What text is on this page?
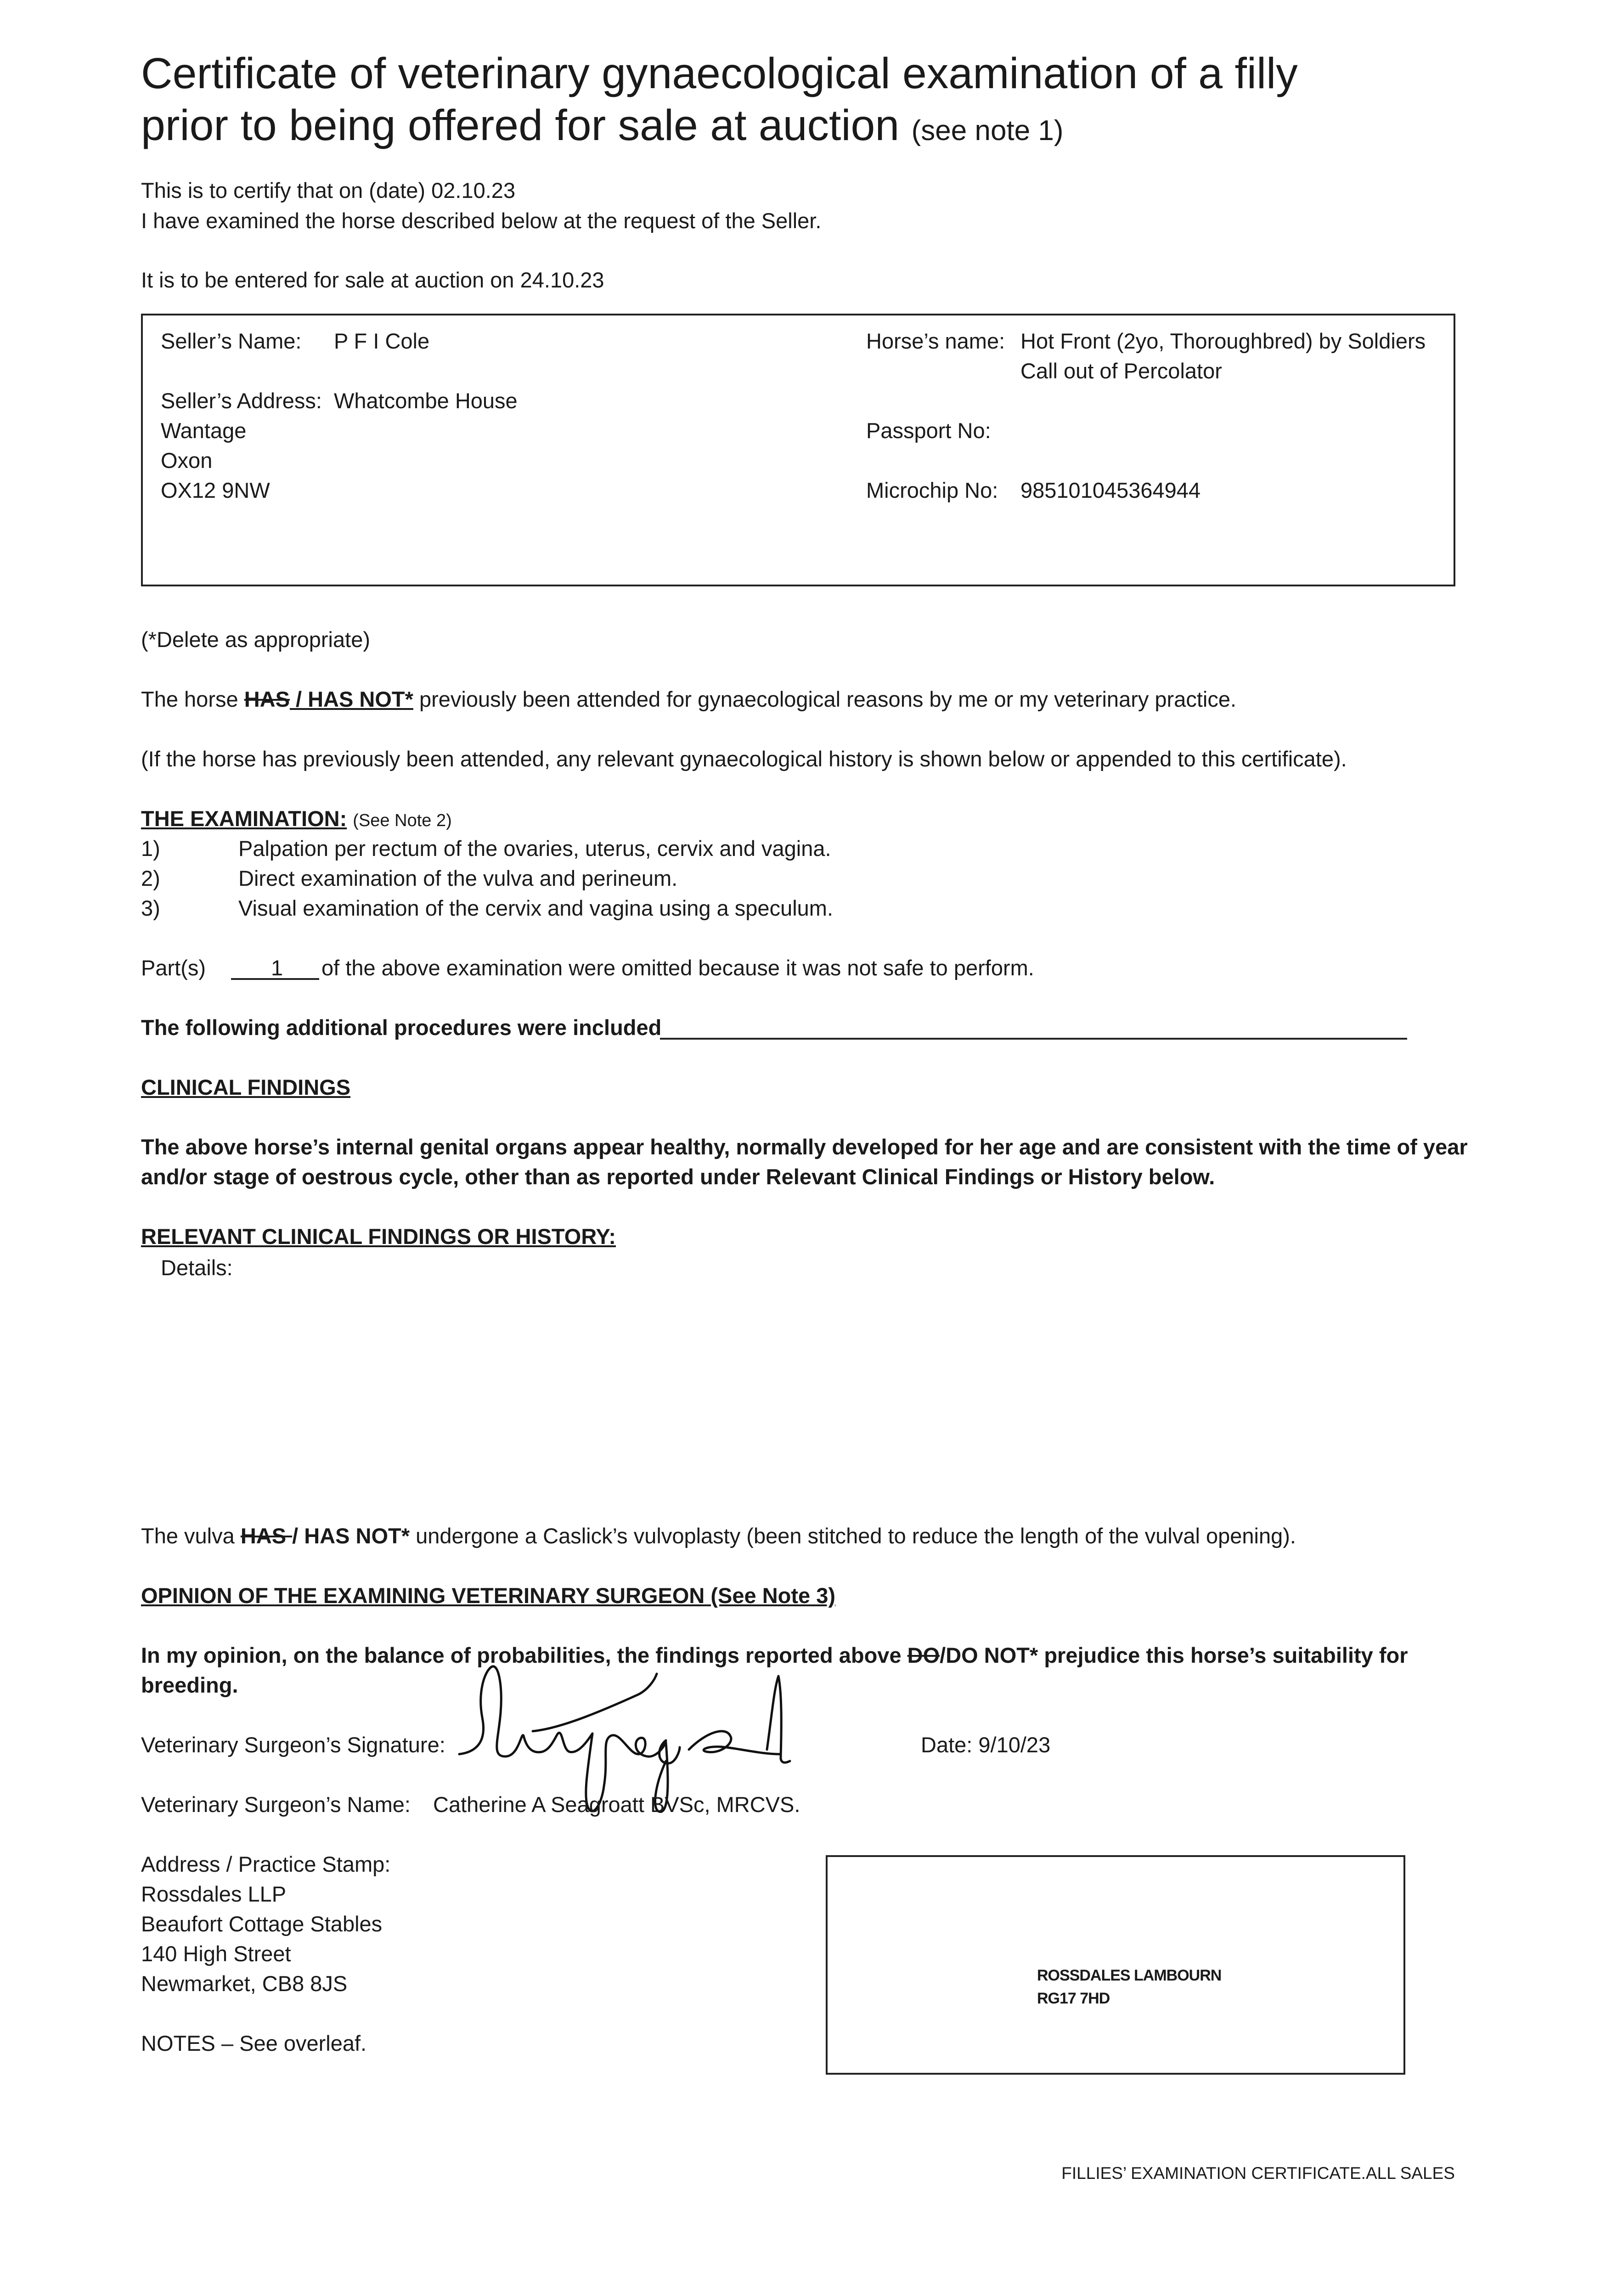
Certificate of veterinary gynaecological examination of a filly
prior to being offered for sale at auction (see note 1)
This is to certify that on (date) 02.10.23
I have examined the horse described below at the request of the Seller.
It is to be entered for sale at auction on 24.10.23
Seller’s Name: P F I Cole
Seller’s Address: Whatcombe House
Wantage
Oxon
OX12 9NW
Horse’s name: Hot Front (2yo, Thoroughbred) by Soldiers
Call out of Percolator
Passport No:
Microchip No: 985101045364944
(*Delete as appropriate)
The horse HAS / HAS NOT* previously been attended for gynaecological reasons by me or my veterinary practice.
(If the horse has previously been attended, any relevant gynaecological history is shown below or appended to this certificate).
THE EXAMINATION: (See Note 2)
1)	Palpation per rectum of the ovaries, uterus, cervix and vagina.
2)	Direct examination of the vulva and perineum.
3)	Visual examination of the cervix and vagina using a speculum.
Part(s)	1 of the above examination were omitted because it was not safe to perform.
The following additional procedures were included
CLINICAL FINDINGS
The above horse’s internal genital organs appear healthy, normally developed for her age and are consistent with the time of year
and/or stage of oestrous cycle, other than as reported under Relevant Clinical Findings or History below.
RELEVANT CLINICAL FINDINGS OR HISTORY:
Details:
The vulva HAS / HAS NOT* undergone a Caslick’s vulvoplasty (been stitched to reduce the length of the vulval opening).
OPINION OF THE EXAMINING VETERINARY SURGEON (See Note 3)
In my opinion, on the balance of probabilities, the findings reported above DO/DO NOT* prejudice this horse’s suitability for
breeding.
Veterinary Surgeon’s Signature:	Date: 9/10/23
Veterinary Surgeon’s Name: Catherine A Seagroatt BVSc, MRCVS.
Address / Practice Stamp:
Rossdales LLP
Beaufort Cottage Stables
140 High Street
Newmarket, CB8 8JS
NOTES – See overleaf.
ROSSDALES LAMBOURN
RG17 7HD
FILLIES’ EXAMINATION CERTIFICATE.ALL SALES
